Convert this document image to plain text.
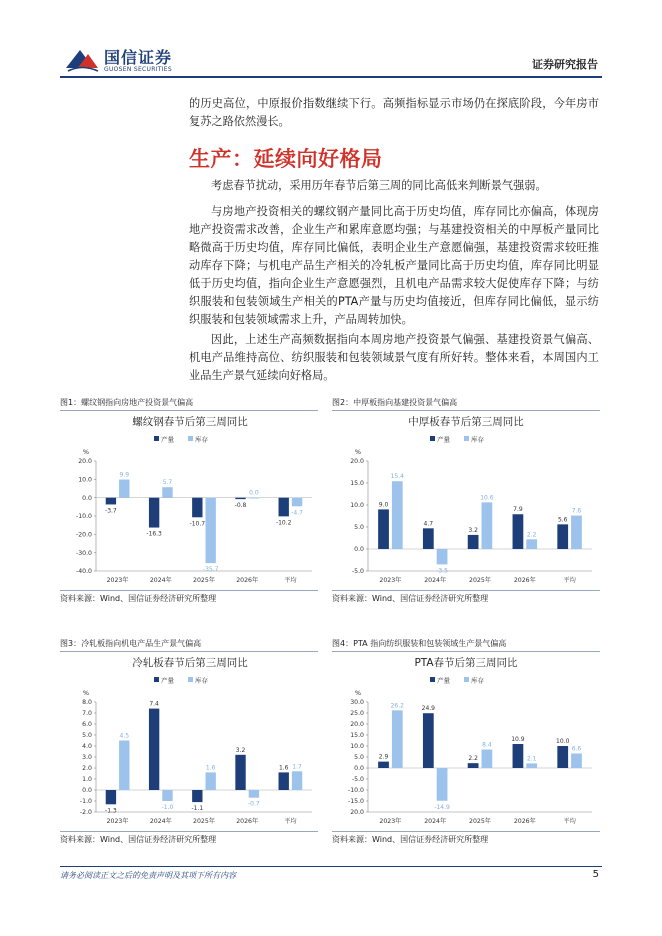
国信证券
GUOSEN SECURITIES	证券研究报告

的历史高位，中原报价指数继续下行。高频指标显示市场仍在探底阶段，今年房市复苏之路依然漫长。

生产：延续向好格局

考虑春节扰动，采用历年春节后第三周的同比高低来判断景气强弱。

与房地产投资相关的螺纹钢产量同比高于历史均值，库存同比亦偏高，体现房地产投资需求改善，企业生产和累库意愿均强；与基建投资相关的中厚板产量同比略微高于历史均值，库存同比偏低，表明企业生产意愿偏强，基建投资需求较旺推动库存下降；与机电产品生产相关的冷轧板产量同比高于历史均值，库存同比明显低于历史均值，指向企业生产意愿强烈，且机电产品需求较大促使库存下降；与纺织服装和包装领域生产相关的PTA产量与历史均值接近，但库存同比偏低，显示纺织服装和包装领域需求上升，产品周转加快。

因此，上述生产高频数据指向本周房地产投资景气偏强、基建投资景气偏高、机电产品维持高位、纺织服装和包装领域景气度有所好转。整体来看，本周国内工业品生产景气延续向好格局。

图1：螺纹钢指向房地产投资景气偏高
螺纹钢春节后第三周同比
产量	库存
%
20.0
10.0
0.0
-10.0
-20.0
-30.0
-40.0
2023年
-3.7
9.9
2024年
-16.3
5.7
2025年
-10.7
-35.7
2026年
-0.8
0.0
平均
-10.2
-4.7
资料来源：Wind、国信证券经济研究所整理
图2：中厚板指向基建投资景气偏高
中厚板春节后第三周同比
产量	库存
%
20.0
15.0
10.0
5.0
0.0
-5.0
2023年
9.0
15.4
2024年
4.7
-3.5
2025年
3.2
10.6
2026年
7.9
2.2
平均
5.6
7.6
资料来源：Wind、国信证券经济研究所整理
图3：冷轧板指向机电产品生产景气偏高
冷轧板春节后第三周同比
产量	库存
%
8.0
7.0
6.0
5.0
4.0
3.0
2.0
1.0
0.0
-1.0
-2.0
2023年
-1.3
4.5
2024年
7.4
-1.0
2025年
-1.1
1.6
2026年
3.2
-0.7
平均
1.6 1.7
资料来源：Wind、国信证券经济研究所整理
图4：PTA 指向纺织服装和包装领域生产景气偏高
PTA春节后第三周同比
产量	库存
%
30.0
25.0
20.0
15.0
10.0
5.0
0.0
-5.0
-10.0
-15.0
20.0
2023年
2.9
26.2
2024年
24.9
-14.9
2025年
2.2
8.4
2026年
10.9
2.1
平均
10.0
6.6
资料来源：Wind、国信证券经济研究所整理
请务必阅读正文之后的免责声明及其项下所有内容	5
